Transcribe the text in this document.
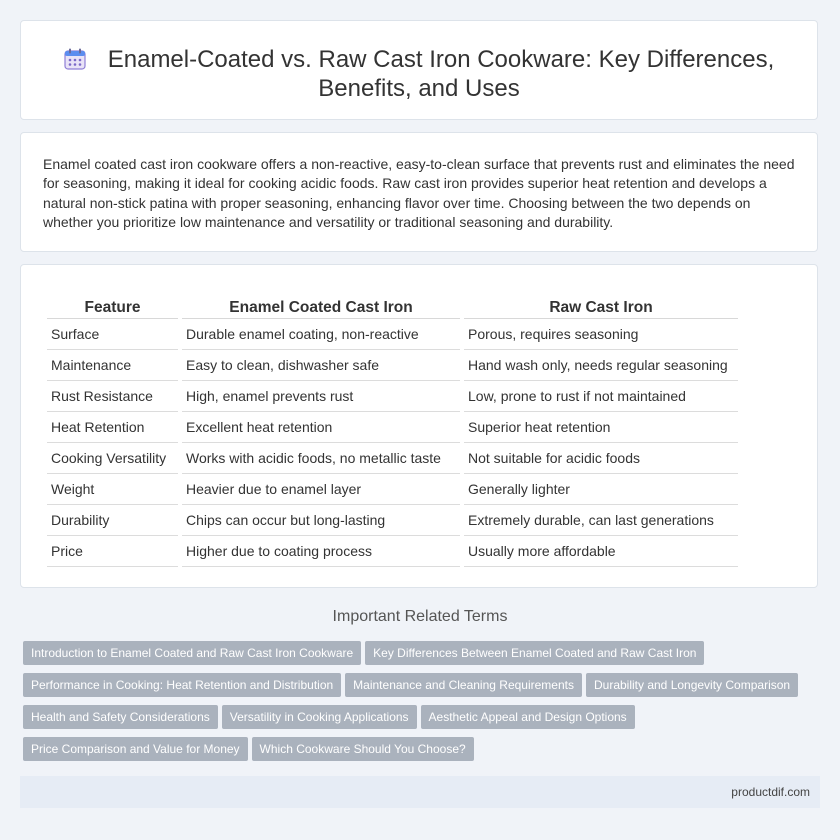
Enamel-Coated vs. Raw Cast Iron Cookware: Key Differences,
Benefits, and Uses
Enamel coated cast iron cookware offers a non-reactive, easy-to-clean surface that prevents rust and eliminates the need for seasoning, making it ideal for cooking acidic foods. Raw cast iron provides superior heat retention and develops a natural non-stick patina with proper seasoning, enhancing flavor over time. Choosing between the two depends on whether you prioritize low maintenance and versatility or traditional seasoning and durability.
Feature	Enamel Coated Cast Iron	Raw Cast Iron
Surface	Durable enamel coating, non-reactive	Porous, requires seasoning
Maintenance	Easy to clean, dishwasher safe	Hand wash only, needs regular seasoning
Rust Resistance	High, enamel prevents rust	Low, prone to rust if not maintained
Heat Retention	Excellent heat retention	Superior heat retention
Cooking Versatility	Works with acidic foods, no metallic taste	Not suitable for acidic foods
Weight	Heavier due to enamel layer	Generally lighter
Durability	Chips can occur but long-lasting	Extremely durable, can last generations
Price	Higher due to coating process	Usually more affordable
Important Related Terms
Introduction to Enamel Coated and Raw Cast Iron Cookware Key Differences Between Enamel Coated and Raw Cast Iron
Performance in Cooking: Heat Retention and Distribution Maintenance and Cleaning Requirements Durability and Longevity Comparison
Health and Safety Considerations Versatility in Cooking Applications Aesthetic Appeal and Design Options
Price Comparison and Value for Money Which Cookware Should You Choose?
productdif.com
